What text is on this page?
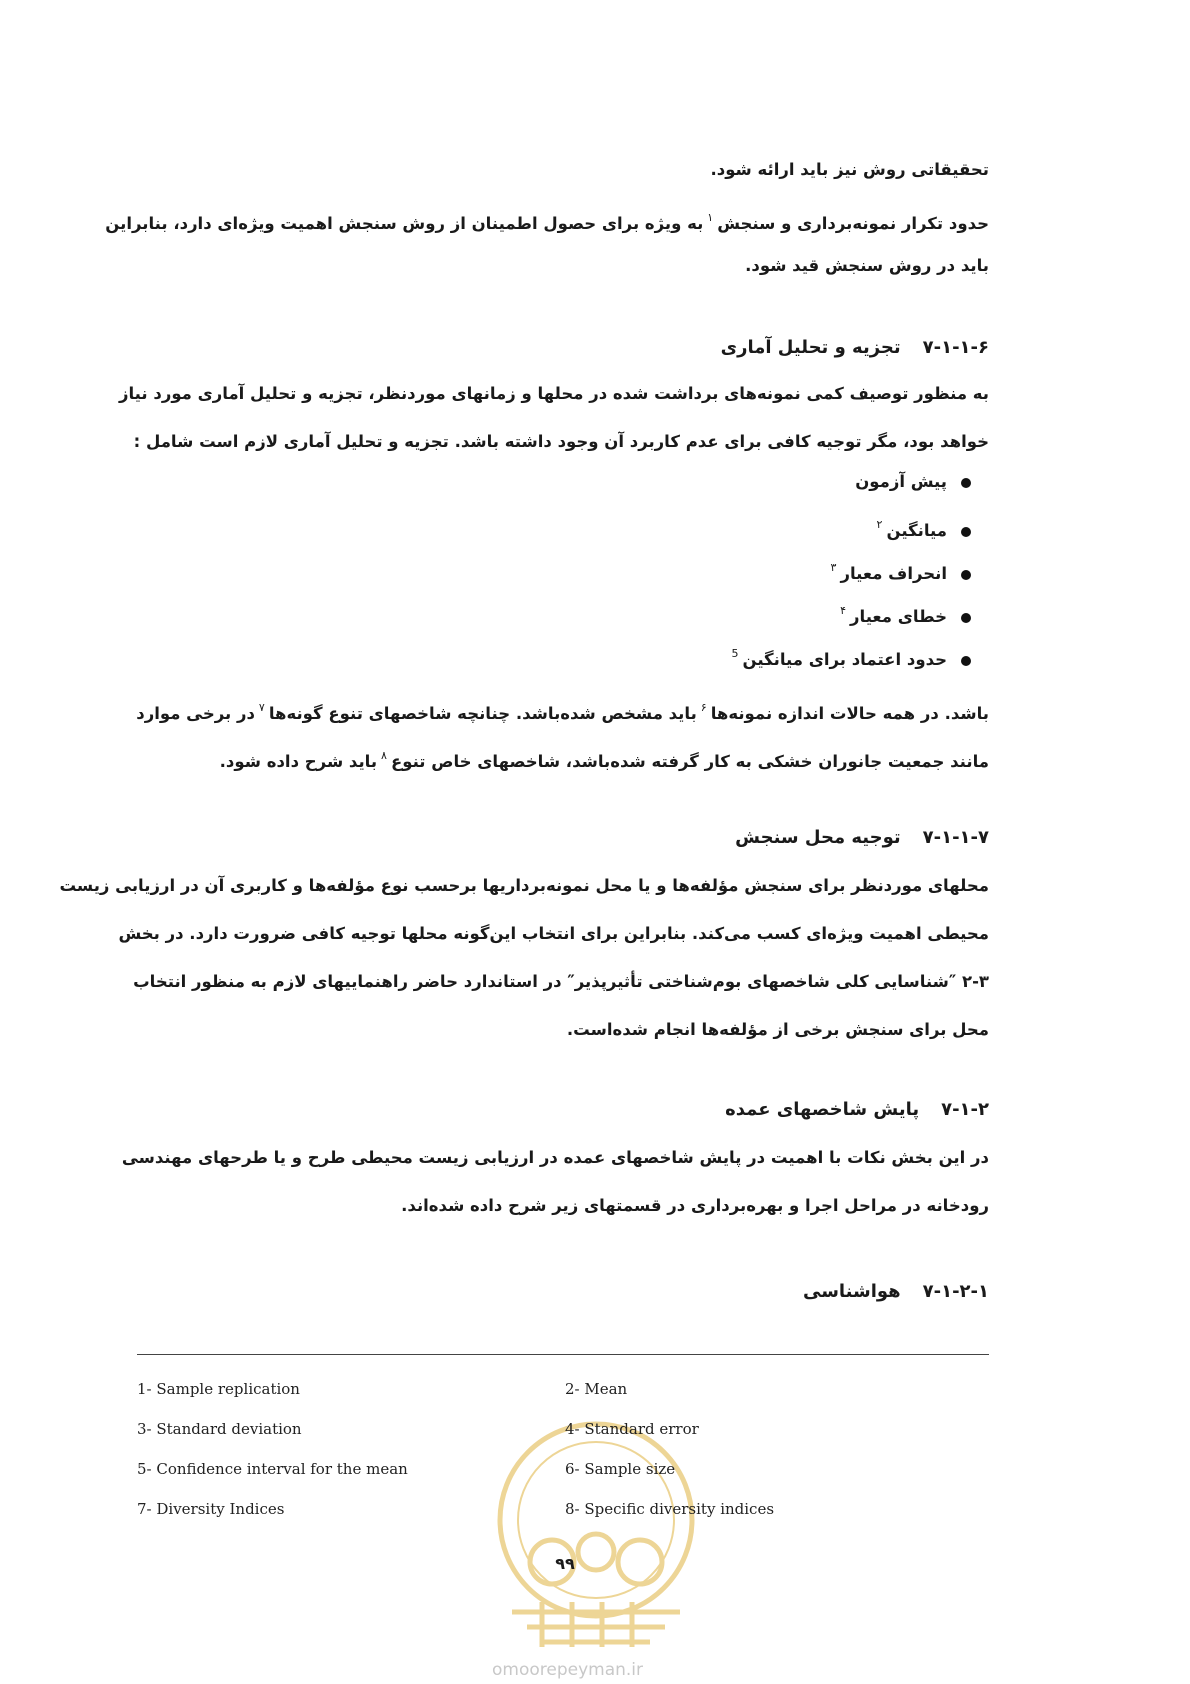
تحقیقاتی روش نیز باید ارائه شود.
حدود تکرار نمونه‌برداری و سنجش$^۱$به ویژه برای حصول اطمینان از روش سنجش اهمیت ویژه‌ای دارد، بنابراین
باید در روش سنجش قید شود.
۷-۱-۱-۶تجزیه و تحلیل آماری
به منظور توصیف کمی نمونه‌های برداشت شده در محلها و زمانهای موردنظر، تجزیه و تحلیل آماری مورد نیاز
خواهد بود، مگر توجیه کافی برای عدم کاربرد آن وجود داشته باشد. تجزیه و تحلیل آماری لازم است شامل :
پیش آزمون
میانگین$^۲$
انحراف معیار$^۳$
خطای معیار$^۴$
حدود اعتماد برای میانگین$^5$
باشد. در همه حالات اندازه نمونه‌ها$^۶$باید مشخص شده‌باشد. چنانچه شاخصهای تنوع گونه‌ها$^۷$در برخی موارد
مانند جمعیت جانوران خشکی به کار گرفته شده‌باشد، شاخصهای خاص تنوع$^۸$باید شرح داده شود.
۷-۱-۱-۷توجیه محل سنجش
محلهای موردنظر برای سنجش مؤلفه‌ها و یا محل نمونه‌برداریها برحسب نوع مؤلفه‌ها و کاربری آن در ارزیابی زیست
محیطی اهمیت ویژه‌ای کسب می‌کند. بنابراین برای انتخاب این‌گونه محلها توجیه کافی ضرورت دارد. در بخش
۲-۳ ″شناسایی کلی شاخصهای بوم‌شناختی تأثیرپذیر″ در استاندارد حاضر راهنماییهای لازم به منظور انتخاب
محل برای سنجش برخی از مؤلفه‌ها انجام شده‌است.
۷-۱-۲پایش شاخصهای عمده
در این بخش نکات با اهمیت در پایش شاخصهای عمده در ارزیابی زیست محیطی طرح و یا طرحهای مهندسی
رودخانه در مراحل اجرا و بهره‌برداری در قسمتهای زیر شرح داده شده‌اند.
۷-۱-۲-۱هواشناسی
1- Sample replication	2- Mean
3- Standard deviation	4- Standard error
5- Confidence interval for the mean	6- Sample size
7- Diversity Indices	8- Specific diversity indices
۹۹
omoorepeyman.ir
